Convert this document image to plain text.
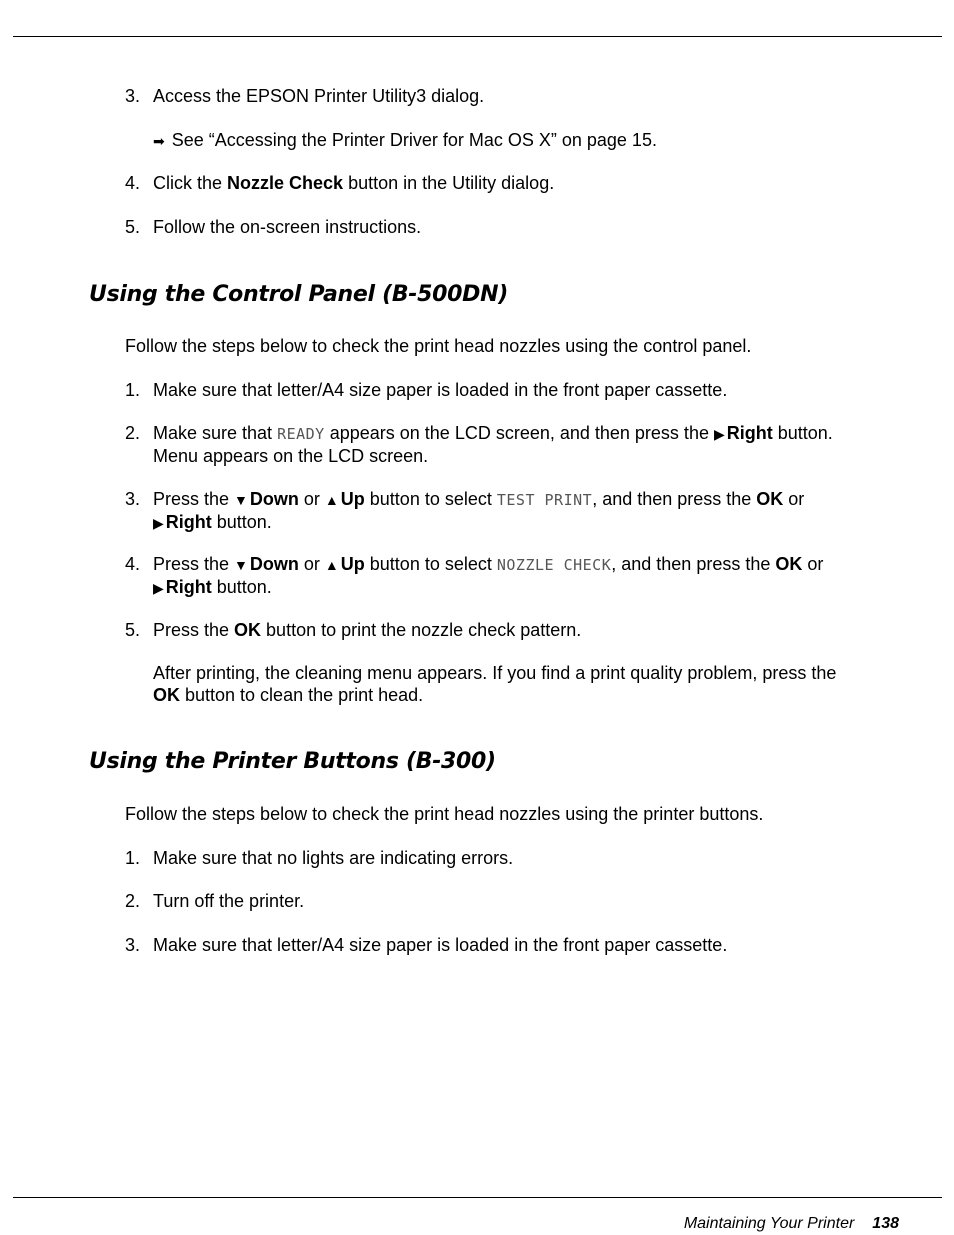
3. Access the EPSON Printer Utility3 dialog.
➡ See “Accessing the Printer Driver for Mac OS X” on page 15.
4. Click the Nozzle Check button in the Utility dialog.
5. Follow the on-screen instructions.
Using the Control Panel (B-500DN)
Follow the steps below to check the print head nozzles using the control panel.
1. Make sure that letter/A4 size paper is loaded in the front paper cassette.
2. Make sure that READY appears on the LCD screen, and then press the ▶ Right button.
Menu appears on the LCD screen.
3. Press the ▼ Down or ▲ Up button to select TEST PRINT, and then press the OK or
▶ Right button.
4. Press the ▼ Down or ▲ Up button to select NOZZLE CHECK, and then press the OK or
▶ Right button.
5. Press the OK button to print the nozzle check pattern.
After printing, the cleaning menu appears. If you find a print quality problem, press the
OK button to clean the print head.
Using the Printer Buttons (B-300)
Follow the steps below to check the print head nozzles using the printer buttons.
1. Make sure that no lights are indicating errors.
2. Turn off the printer.
3. Make sure that letter/A4 size paper is loaded in the front paper cassette.
Maintaining Your Printer 138
